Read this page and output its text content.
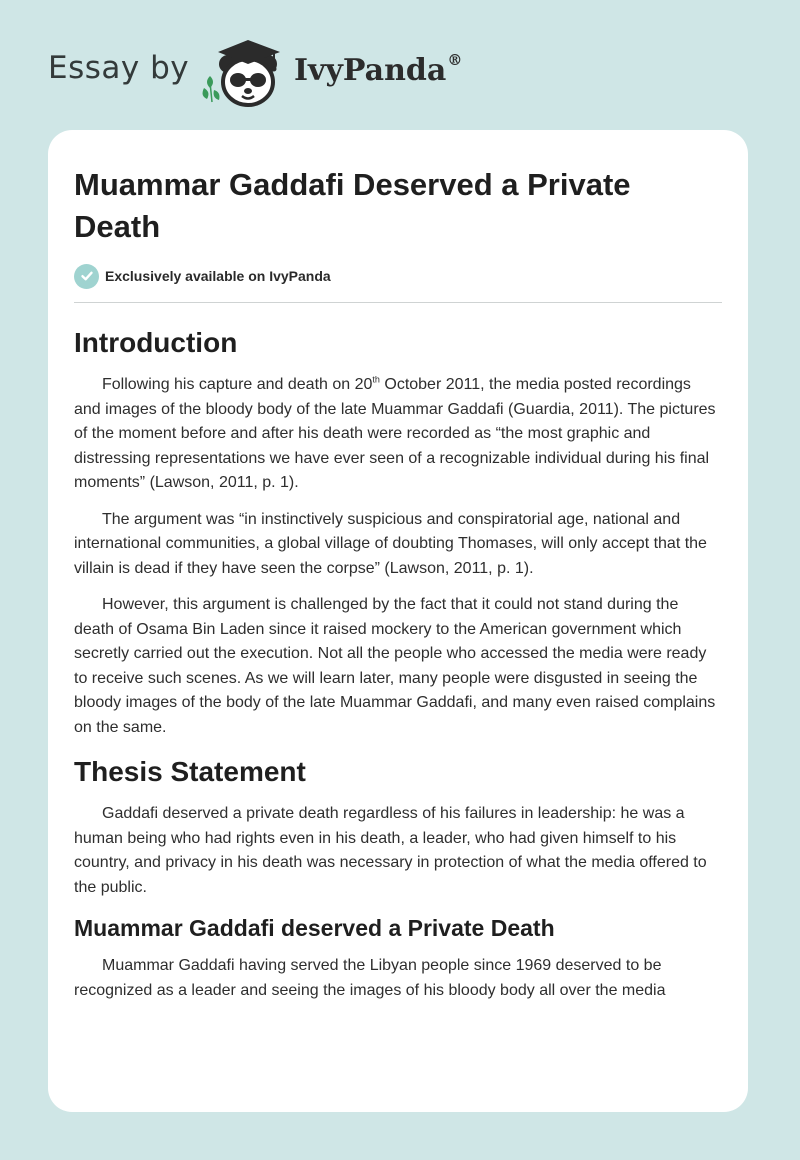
Essay by	IvyPanda®
Muammar Gaddafi Deserved a Private Death
Exclusively available on IvyPanda
Introduction

Following his capture and death on 20th October 2011, the media posted recordings and images of the bloody body of the late Muammar Gaddafi (Guardia, 2011). The pictures of the moment before and after his death were recorded as “the most graphic and distressing representations we have ever seen of a recognizable individual during his final moments” (Lawson, 2011, p. 1).

The argument was “in instinctively suspicious and conspiratorial age, national and international communities, a global village of doubting Thomases, will only accept that the villain is dead if they have seen the corpse” (Lawson, 2011, p. 1).

However, this argument is challenged by the fact that it could not stand during the death of Osama Bin Laden since it raised mockery to the American government which secretly carried out the execution. Not all the people who accessed the media were ready to receive such scenes. As we will learn later, many people were disgusted in seeing the bloody images of the body of the late Muammar Gaddafi, and many even raised complains on the same.

Thesis Statement

Gaddafi deserved a private death regardless of his failures in leadership: he was a human being who had rights even in his death, a leader, who had given himself to his country, and privacy in his death was necessary in protection of what the media offered to the public.

Muammar Gaddafi deserved a Private Death

Muammar Gaddafi having served the Libyan people since 1969 deserved to be recognized as a leader and seeing the images of his bloody body all over the media
